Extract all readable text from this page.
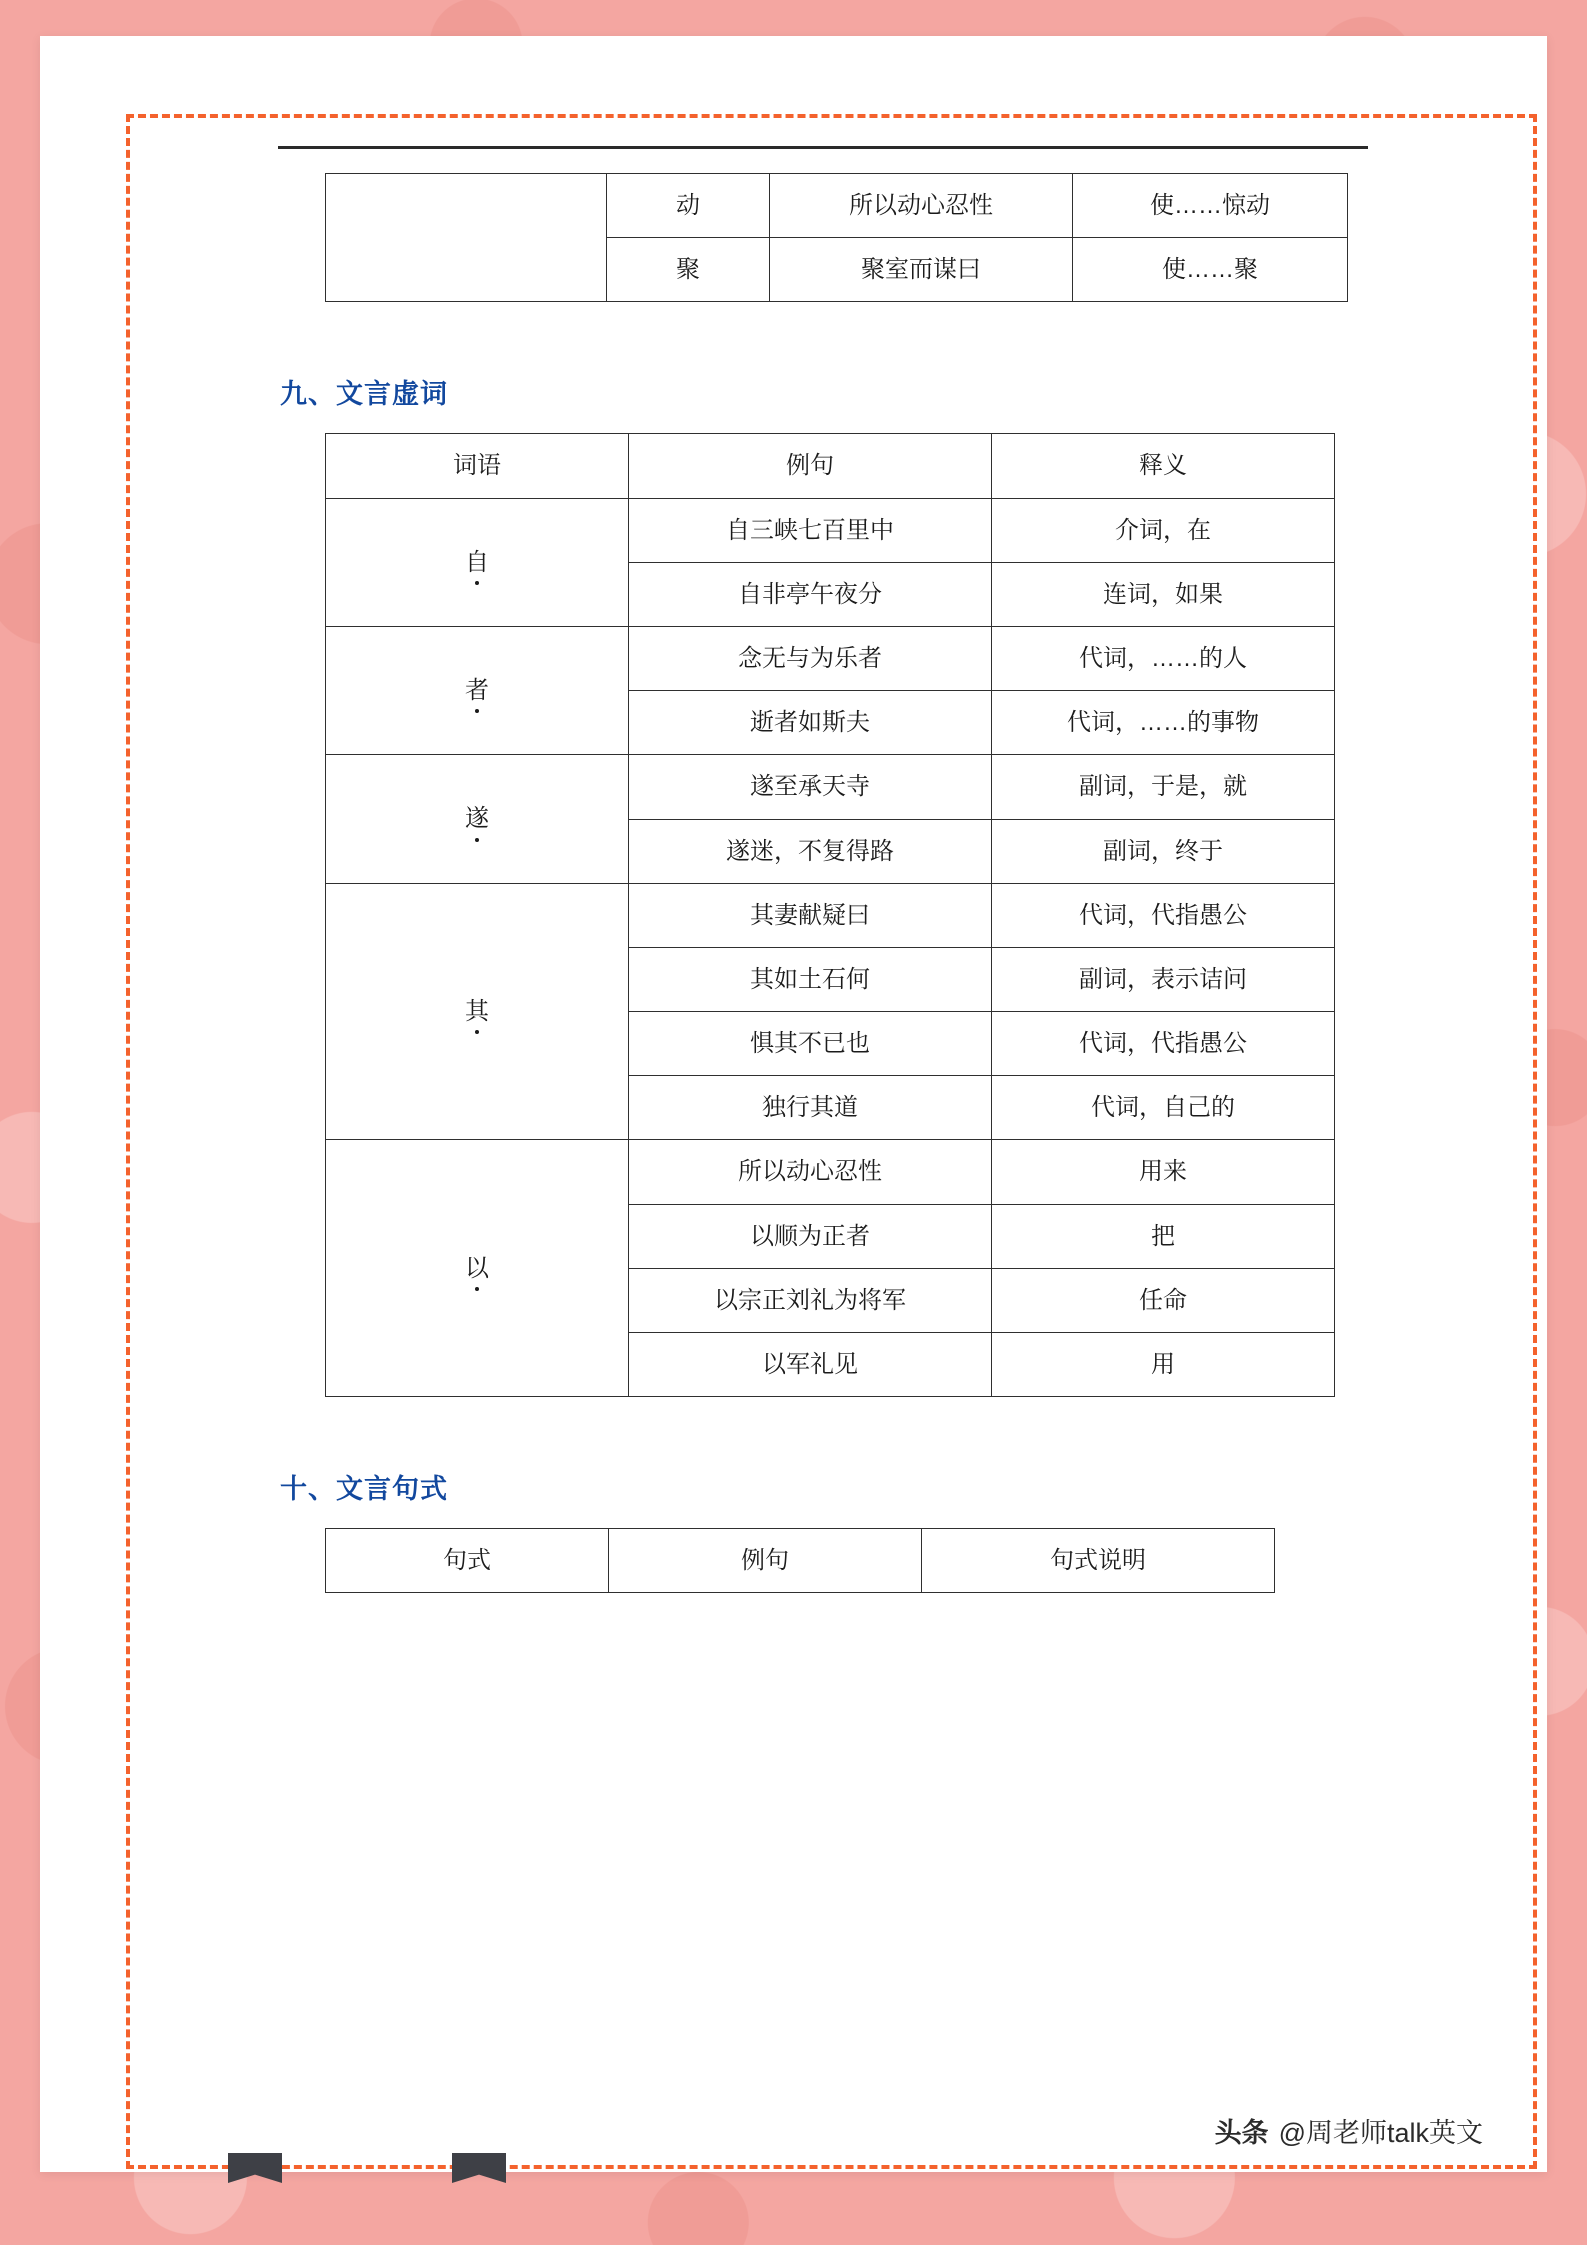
	动	所以动心忍性	使……惊动
	聚	聚室而谋曰	使……聚
九、文言虚词
词语	例句	释义
自	自三峡七百里中	介词，在
	自非亭午夜分	连词，如果
者	念无与为乐者	代词，……的人
	逝者如斯夫	代词，……的事物
遂	遂至承天寺	副词，于是，就
	遂迷，不复得路	副词，终于
其	其妻献疑曰	代词，代指愚公
	其如土石何	副词，表示诘问
	惧其不已也	代词，代指愚公
	独行其道	代词，自己的
以	所以动心忍性	用来
	以顺为正者	把
	以宗正刘礼为将军	任命
	以军礼见	用
十、文言句式
句式	例句	句式说明
头条 @周老师talk英文
